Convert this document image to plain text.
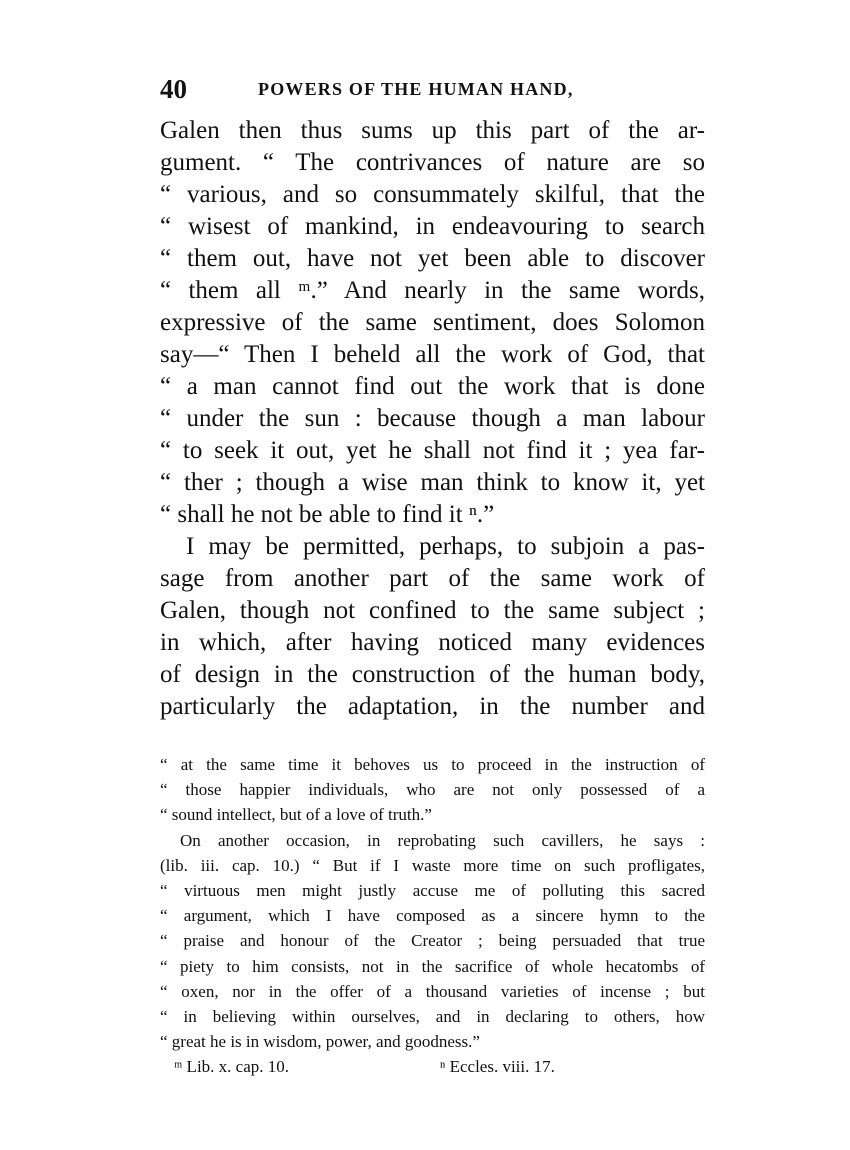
40	POWERS OF THE HUMAN HAND,
Galen then thus sums up this part of the ar-
gument. “ The contrivances of nature are so
“ various, and so consummately skilful, that the
“ wisest of mankind, in endeavouring to search
“ them out, have not yet been able to discover
“ them all ᵐ.” And nearly in the same words,
expressive of the same sentiment, does Solomon
say—“ Then I beheld all the work of God, that
“ a man cannot find out the work that is done
“ under the sun : because though a man labour
“ to seek it out, yet he shall not find it ; yea far-
“ ther ; though a wise man think to know it, yet
“ shall he not be able to find it ⁿ.”
I may be permitted, perhaps, to subjoin a pas-
sage from another part of the same work of
Galen, though not confined to the same subject ;
in which, after having noticed many evidences
of design in the construction of the human body,
particularly the adaptation, in the number and
“ at the same time it behoves us to proceed in the instruction of
“ those happier individuals, who are not only possessed of a
“ sound intellect, but of a love of truth.”
On another occasion, in reprobating such cavillers, he says :
(lib. iii. cap. 10.) “ But if I waste more time on such profligates,
“ virtuous men might justly accuse me of polluting this sacred
“ argument, which I have composed as a sincere hymn to the
“ praise and honour of the Creator ; being persuaded that true
“ piety to him consists, not in the sacrifice of whole hecatombs of
“ oxen, nor in the offer of a thousand varieties of incense ; but
“ in believing within ourselves, and in declaring to others, how
“ great he is in wisdom, power, and goodness.”
ᵐ Lib. x. cap. 10.	ⁿ Eccles. viii. 17.
